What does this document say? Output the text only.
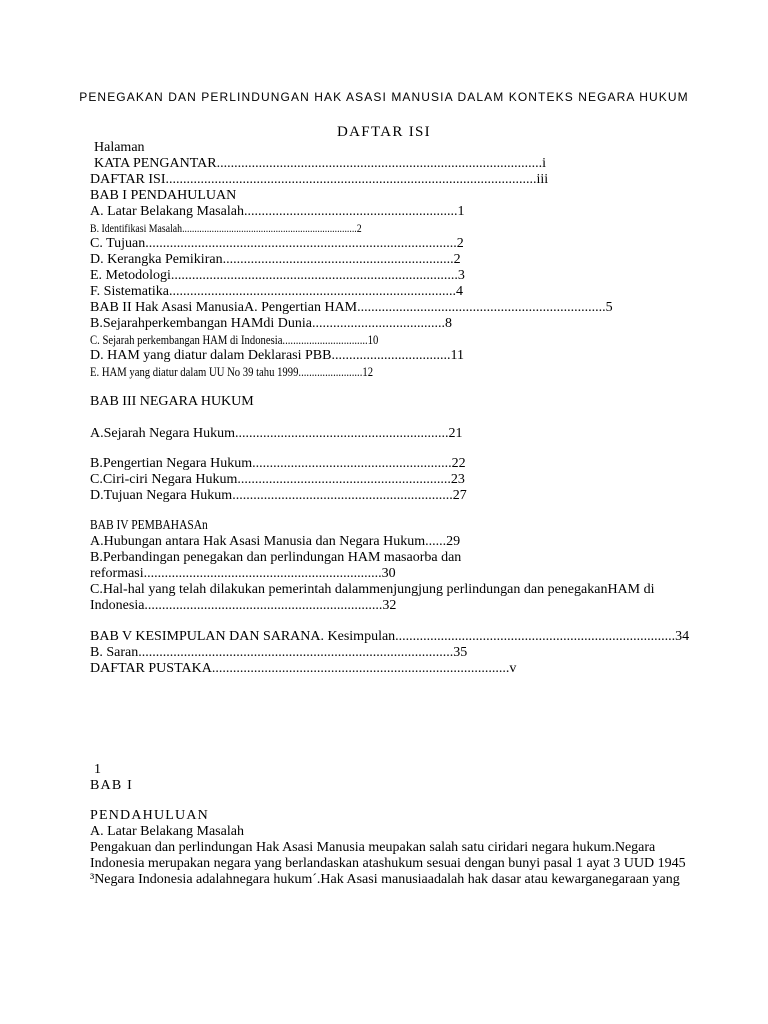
PENEGAKAN DAN PERLINDUNGAN HAK ASASI MANUSIA DALAM KONTEKS NEGARA HUKUM
DAFTAR ISI
Halaman
KATA PENGANTAR.............................................................................................i
DAFTAR ISI..........................................................................................................iii
BAB I PENDAHULUAN
A. Latar Belakang Masalah.............................................................1
B. Identifikasi Masalah.......................................................................2
C. Tujuan.........................................................................................2
D. Kerangka Pemikiran..................................................................2
E. Metodologi..................................................................................3
F. Sistematika..................................................................................4
BAB II Hak Asasi ManusiaA. Pengertian HAM.......................................................................5
B.Sejarahperkembangan HAMdi Dunia......................................8
C. Sejarah perkembangan HAM di Indonesia................................10
D. HAM yang diatur dalam Deklarasi PBB..................................11
E. HAM yang diatur dalam UU No 39 tahu 1999........................12
BAB III NEGARA HUKUM
A.Sejarah Negara Hukum.............................................................21
B.Pengertian Negara Hukum.........................................................22
C.Ciri-ciri Negara Hukum.............................................................23
D.Tujuan Negara Hukum...............................................................27
BAB IV PEMBAHASAn
A.Hubungan antara Hak Asasi Manusia dan Negara Hukum......29
B.Perbandingan penegakan dan perlindungan HAM masaorba dan
reformasi....................................................................30
C.Hal-hal yang telah dilakukan pemerintah dalammenjungjung perlindungan dan penegakanHAM di
Indonesia....................................................................32
BAB V KESIMPULAN DAN SARANA. Kesimpulan................................................................................34
B. Saran..........................................................................................35
DAFTAR PUSTAKA.....................................................................................v
1
BAB I
PENDAHULUAN
A. Latar Belakang Masalah
Pengakuan dan perlindungan Hak Asasi Manusia meupakan salah satu ciridari negara hukum.Negara
Indonesia merupakan negara yang berlandaskan atashukum sesuai dengan bunyi pasal 1 ayat 3 UUD 1945
³Negara Indonesia adalahnegara hukum´.Hak Asasi manusiaadalah hak dasar atau kewarganegaraan yang
